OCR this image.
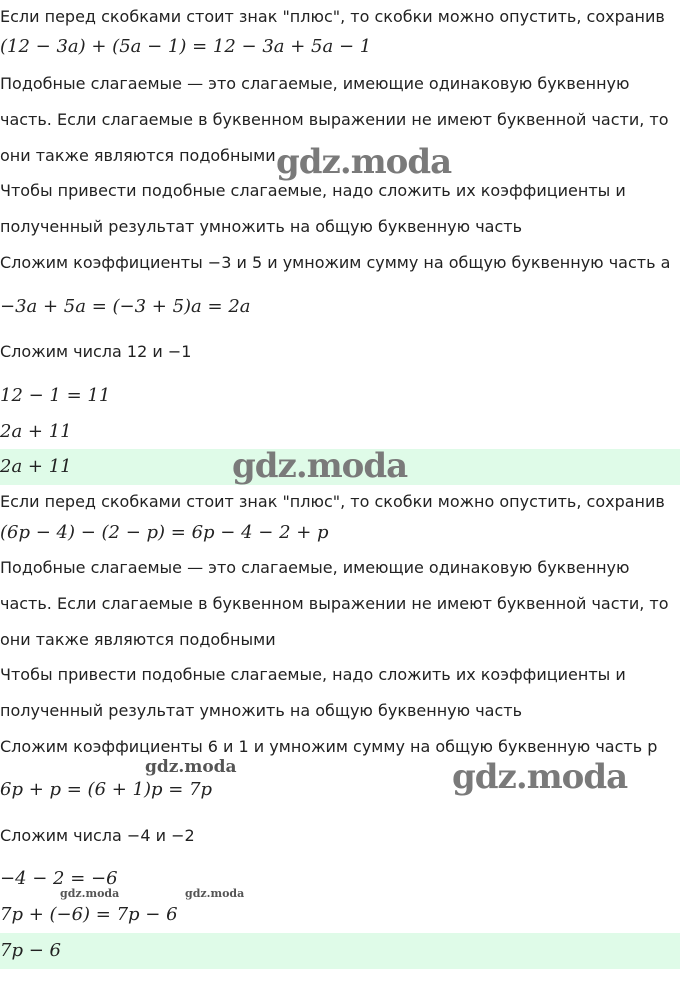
Если перед скобками стоит знак "плюс", то скобки можно опустить, сохранив
(12 − 3a) + (5a − 1) = 12 − 3a + 5a − 1
Подобные слагаемые — это слагаемые, имеющие одинаковую буквенную
часть. Если слагаемые в буквенном выражении не имеют буквенной части, то
они также являются подобными
Чтобы привести подобные слагаемые, надо сложить их коэффициенты и
полученный результат умножить на общую буквенную часть
Сложим коэффициенты −3 и 5 и умножим сумму на общую буквенную часть a
−3a + 5a = (−3 + 5)a = 2a
Сложим числа 12 и −1
12 − 1 = 11
2a + 11
2a + 11
Если перед скобками стоит знак "плюс", то скобки можно опустить, сохранив
(6p − 4) − (2 − p) = 6p − 4 − 2 + p
Подобные слагаемые — это слагаемые, имеющие одинаковую буквенную
часть. Если слагаемые в буквенном выражении не имеют буквенной части, то
они также являются подобными
Чтобы привести подобные слагаемые, надо сложить их коэффициенты и
полученный результат умножить на общую буквенную часть
Сложим коэффициенты 6 и 1 и умножим сумму на общую буквенную часть p
6p + p = (6 + 1)p = 7p
Сложим числа −4 и −2
−4 − 2 = −6
7p + (−6) = 7p − 6
7p − 6
gdz.moda
gdz.moda
gdz.moda
gdz.moda
gdz.moda	gdz.moda
